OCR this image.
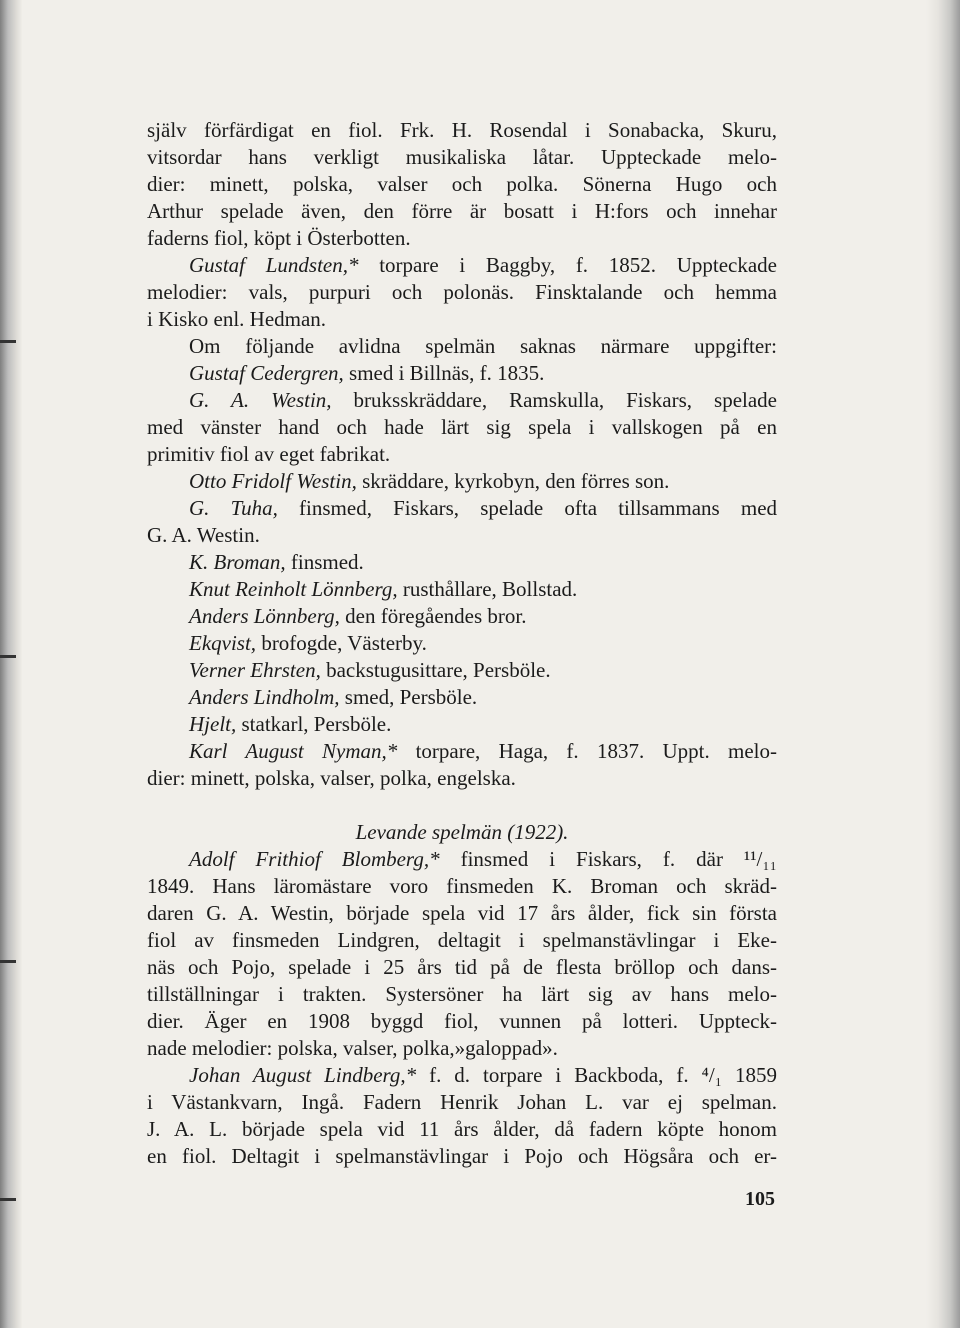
själv förfärdigat en fiol. Frk. H. Rosendal i Sonabacka, Skuru,
vitsordar hans verkligt musikaliska låtar. Uppteckade melo-
dier: minett, polska, valser och polka. Sönerna Hugo och
Arthur spelade även, den förre är bosatt i H:fors och innehar
faderns fiol, köpt i Österbotten.
Gustaf Lundsten,* torpare i Baggby, f. 1852. Uppteckade
melodier: vals, purpuri och polonäs. Finsktalande och hemma
i Kisko enl. Hedman.
Om följande avlidna spelmän saknas närmare uppgifter:
Gustaf Cedergren, smed i Billnäs, f. 1835.
G. A. Westin, bruksskräddare, Ramskulla, Fiskars, spelade
med vänster hand och hade lärt sig spela i vallskogen på en
primitiv fiol av eget fabrikat.
Otto Fridolf Westin, skräddare, kyrkobyn, den förres son.
G. Tuha, finsmed, Fiskars, spelade ofta tillsammans med
G. A. Westin.
K. Broman, finsmed.
Knut Reinholt Lönnberg, rusthållare, Bollstad.
Anders Lönnberg, den föregåendes bror.
Ekqvist, brofogde, Västerby.
Verner Ehrsten, backstugusittare, Persböle.
Anders Lindholm, smed, Persböle.
Hjelt, statkarl, Persböle.
Karl August Nyman,* torpare, Haga, f. 1837. Uppt. melo-
dier: minett, polska, valser, polka, engelska.
Levande spelmän (1922).
Adolf Frithiof Blomberg,* finsmed i Fiskars, f. där ¹¹/₁₁
1849. Hans läromästare voro finsmeden K. Broman och skräd-
daren G. A. Westin, började spela vid 17 års ålder, fick sin första
fiol av finsmeden Lindgren, deltagit i spelmanstävlingar i Eke-
näs och Pojo, spelade i 25 års tid på de flesta bröllop och dans-
tillställningar i trakten. Systersöner ha lärt sig av hans melo-
dier. Äger en 1908 byggd fiol, vunnen på lotteri. Uppteck-
nade melodier: polska, valser, polka,»galoppad».
Johan August Lindberg,* f. d. torpare i Backboda, f. ⁴/₁ 1859
i Västankvarn, Ingå. Fadern Henrik Johan L. var ej spelman.
J. A. L. började spela vid 11 års ålder, då fadern köpte honom
en fiol. Deltagit i spelmanstävlingar i Pojo och Högsåra och er-
105
